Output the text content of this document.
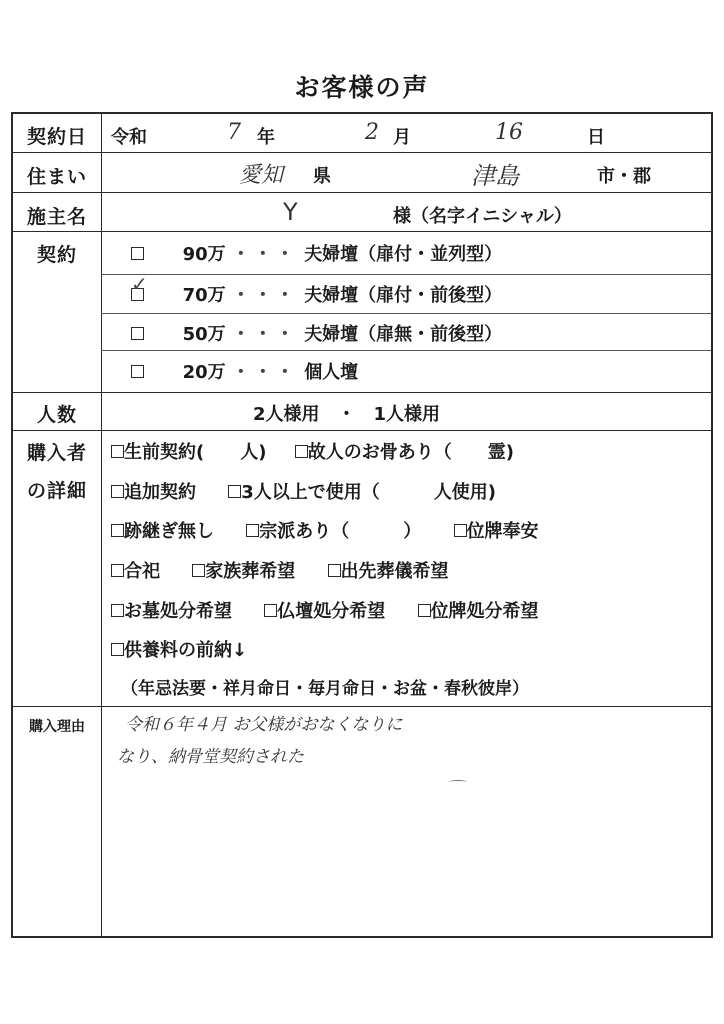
お客様の声
契約日	令和	7 年	2 月	16	日
住まい	愛知 県	津島	市・郡
施主名	Y	様（名字イニシャル）
契約	90万 ・・・ 夫婦壇（扉付・並列型）
70万 ・・・ 夫婦壇（扉付・前後型）
✓
50万 ・・・ 夫婦壇（扉無・前後型）
20万 ・・・ 個人壇
人数	2人様用　・　1人様用
購入者
の詳細
生前契約(　　人) 故人のお骨あり（　　霊)
追加契約	3人以上で使用（　　　人使用)
跡継ぎ無し	宗派あり（　　　）	位牌奉安
合祀	家族葬希望	出先葬儀希望
お墓処分希望	仏壇処分希望	位牌処分希望
供養料の前納↓
（年忌法要・祥月命日・毎月命日・お盆・春秋彼岸）
購入理由	令和６年４月 お父様がおなくなりに
なり、納骨堂契約された
